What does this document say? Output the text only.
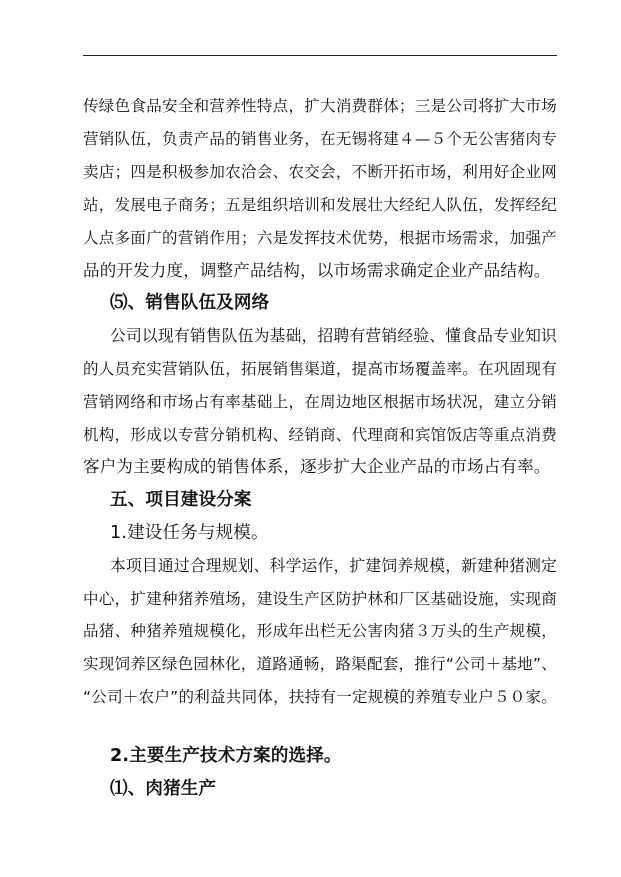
传绿色食品安全和营养性特点，扩大消费群体；三是公司将扩大市场
营销队伍，负责产品的销售业务，在无锡将建４—５个无公害猪肉专
卖店；四是积极参加农洽会、农交会，不断开拓市场，利用好企业网
站，发展电子商务；五是组织培训和发展壮大经纪人队伍，发挥经纪
人点多面广的营销作用；六是发挥技术优势，根据市场需求，加强产
品的开发力度，调整产品结构，以市场需求确定企业产品结构。
⑸、销售队伍及网络
公司以现有销售队伍为基础，招聘有营销经验、懂食品专业知识
的人员充实营销队伍，拓展销售渠道，提高市场覆盖率。在巩固现有
营销网络和市场占有率基础上，在周边地区根据市场状况，建立分销
机构，形成以专营分销机构、经销商、代理商和宾馆饭店等重点消费
客户为主要构成的销售体系，逐步扩大企业产品的市场占有率。
五、项目建设分案
1.建设任务与规模。
本项目通过合理规划、科学运作，扩建饲养规模，新建种猪测定
中心，扩建种猪养殖场，建设生产区防护林和厂区基础设施，实现商
品猪、种猪养殖规模化，形成年出栏无公害肉猪３万头的生产规模，
实现饲养区绿色园林化，道路通畅，路渠配套，推行“公司＋基地”、
“公司＋农户”的利益共同体，扶持有一定规模的养殖专业户５０家。
2.主要生产技术方案的选择。
⑴、肉猪生产
